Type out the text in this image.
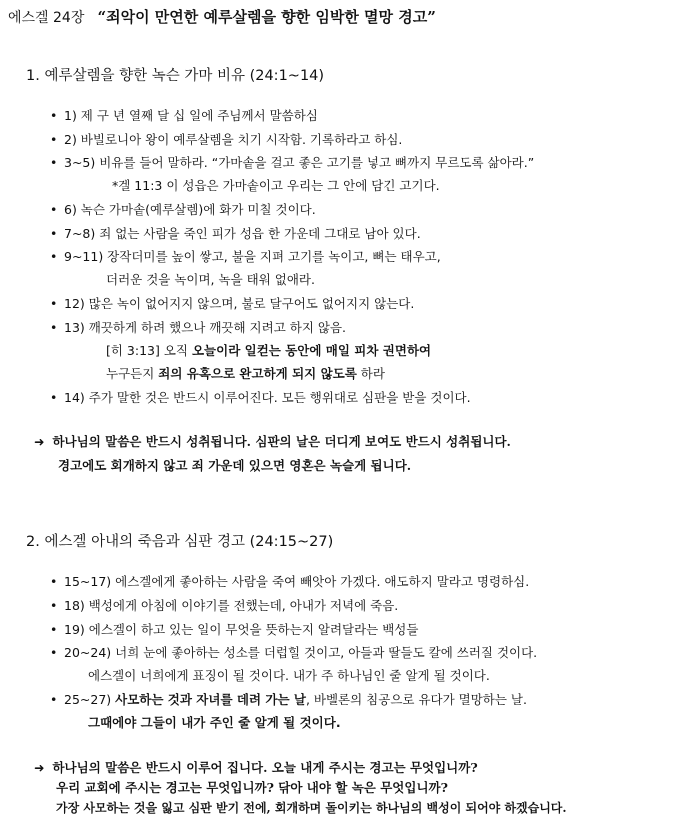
에스겔 24장 “죄악이 만연한 예루살렘을 향한 임박한 멸망 경고”
1. 예루살렘을 향한 녹슨 가마 비유 (24:1~14)
• 1) 제 구 년 열째 달 십 일에 주님께서 말씀하심
• 2) 바빌로니아 왕이 예루살렘을 치기 시작함. 기록하라고 하심.
• 3~5) 비유를 들어 말하라. “가마솥을 걸고 좋은 고기를 넣고 뼈까지 무르도록 삶아라.”
*겔 11:3 이 성읍은 가마솥이고 우리는 그 안에 담긴 고기다.
• 6) 녹슨 가마솥(예루살렘)에 화가 미칠 것이다.
• 7~8) 죄 없는 사람을 죽인 피가 성읍 한 가운데 그대로 남아 있다.
• 9~11) 장작더미를 높이 쌓고, 불을 지펴 고기를 녹이고, 뼈는 태우고,
더러운 것을 녹이며, 녹을 태워 없애라.
• 12) 많은 녹이 없어지지 않으며, 불로 달구어도 없어지지 않는다.
• 13) 깨끗하게 하려 했으나 깨끗해 지려고 하지 않음.
[히 3:13] 오직 오늘이라 일컫는 동안에 매일 피차 권면하여
누구든지 죄의 유혹으로 완고하게 되지 않도록 하라
• 14) 주가 말한 것은 반드시 이루어진다. 모든 행위대로 심판을 받을 것이다.
➜ 하나님의 말씀은 반드시 성취됩니다. 심판의 날은 더디게 보여도 반드시 성취됩니다.
경고에도 회개하지 않고 죄 가운데 있으면 영혼은 녹슬게 됩니다.
2. 에스겔 아내의 죽음과 심판 경고 (24:15~27)
• 15~17) 에스겔에게 좋아하는 사람을 죽여 빼앗아 가겠다. 애도하지 말라고 명령하심.
• 18) 백성에게 아침에 이야기를 전했는데, 아내가 저녁에 죽음.
• 19) 에스겔이 하고 있는 일이 무엇을 뜻하는지 알려달라는 백성들
• 20~24) 너희 눈에 좋아하는 성소를 더럽힐 것이고, 아들과 딸들도 칼에 쓰러질 것이다.
에스겔이 너희에게 표징이 될 것이다. 내가 주 하나님인 줄 알게 될 것이다.
• 25~27) 사모하는 것과 자녀를 데려 가는 날, 바벨론의 침공으로 유다가 멸망하는 날.
그때에야 그들이 내가 주인 줄 알게 될 것이다.
➜ 하나님의 말씀은 반드시 이루어 집니다. 오늘 내게 주시는 경고는 무엇입니까?
우리 교회에 주시는 경고는 무엇입니까? 닦아 내야 할 녹은 무엇입니까?
가장 사모하는 것을 잃고 심판 받기 전에, 회개하며 돌이키는 하나님의 백성이 되어야 하겠습니다.
